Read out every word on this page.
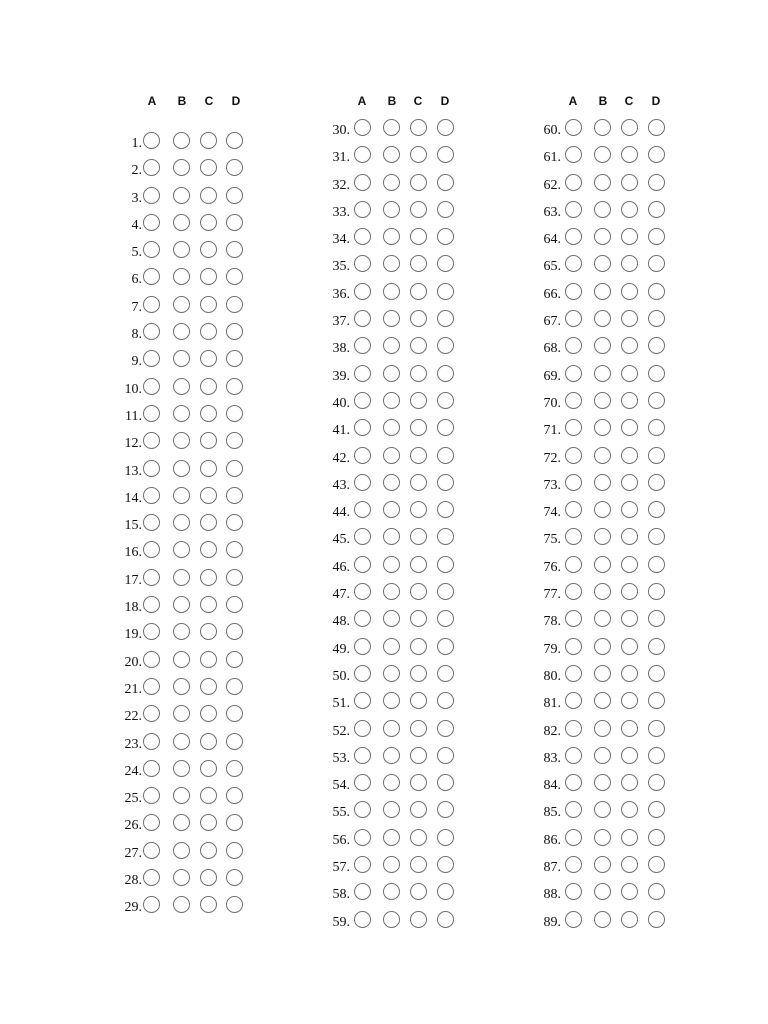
A	B	C	D
1.
2.
3.
4.
5.
6.
7.
8.
9.
10.
11.
12.
13.
14.
15.
16.
17.
18.
19.
20.
21.
22.
23.
24.
25.
26.
27.
28.
29.
A	B	C	D
30.
31.
32.
33.
34.
35.
36.
37.
38.
39.
40.
41.
42.
43.
44.
45.
46.
47.
48.
49.
50.
51.
52.
53.
54.
55.
56.
57.
58.
59.
A	B	C	D
60.
61.
62.
63.
64.
65.
66.
67.
68.
69.
70.
71.
72.
73.
74.
75.
76.
77.
78.
79.
80.
81.
82.
83.
84.
85.
86.
87.
88.
89.
